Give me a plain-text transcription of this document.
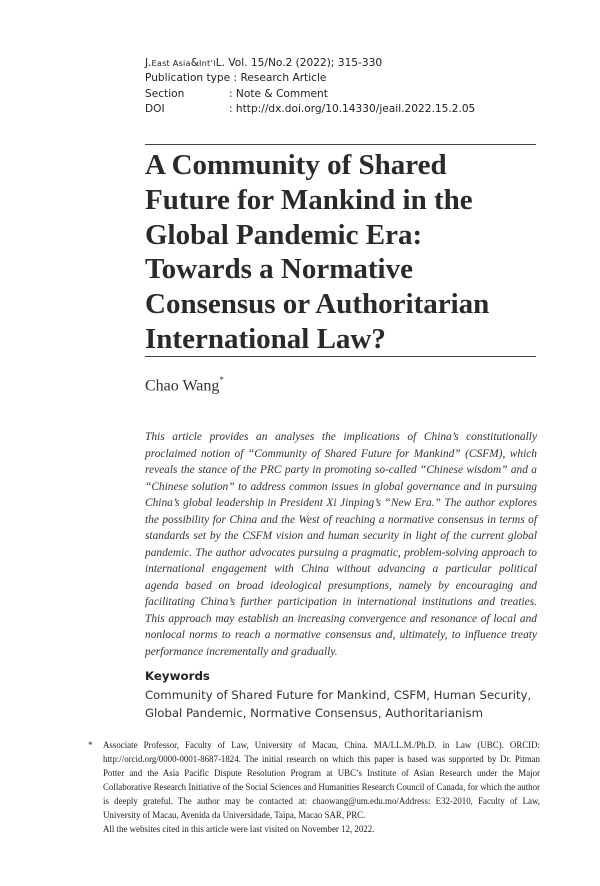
J. East Asia & Int’l L. Vol. 15/No.2 (2022); 315-330
Publication type
: Research Article
Section	: Note & Comment
DOI	: http://dx.doi.org/10.14330/jeail.2022.15.2.05
A Community of Shared
Future for Mankind in the
Global Pandemic Era:
Towards a Normative
Consensus or Authoritarian
International Law?
Chao Wang*

This article provides an analyses the implications of China’s constitutionally proclaimed notion of “Community of Shared Future for Mankind” (CSFM), which reveals the stance of the PRC party in promoting so-called “Chinese wisdom” and a “Chinese solution” to address common issues in global governance and in pursuing China’s global leadership in President Xi Jinping’s “New Era.” The author explores the possibility for China and the West of reaching a normative consensus in terms of standards set by the CSFM vision and human security in light of the current global pandemic. The author advocates pursuing a pragmatic, problem-solving approach to international engagement with China without advancing a particular political agenda based on broad ideological presumptions, namely by encouraging and facilitating China’s further participation in international institutions and treaties. This approach may establish an increasing convergence and resonance of local and nonlocal norms to reach a normative consensus and, ultimately, to influence treaty performance incrementally and gradually.

Keywords
Community of Shared Future for Mankind, CSFM, Human Security, Global Pandemic, Normative Consensus, Authoritarianism
* Associate Professor, Faculty of Law, University of Macau, China. MA/LL.M./Ph.D. in Law (UBC). ORCID: http://orcid.org/0000-0001-8687-1824. The initial research on which this paper is based was supported by Dr. Pitman Potter and the Asia Pacific Dispute Resolution Program at UBC’s Institute of Asian Research under the Major Collaborative Research Initiative of the Social Sciences and Humanities Research Council of Canada, for which the author is deeply grateful. The author may be contacted at: chaowang@um.edu.mo/Address: E32-2010, Faculty of Law, University of Macau, Avenida da Universidade, Taipa, Macao SAR, PRC.
All the websites cited in this article were last visited on November 12, 2022.
